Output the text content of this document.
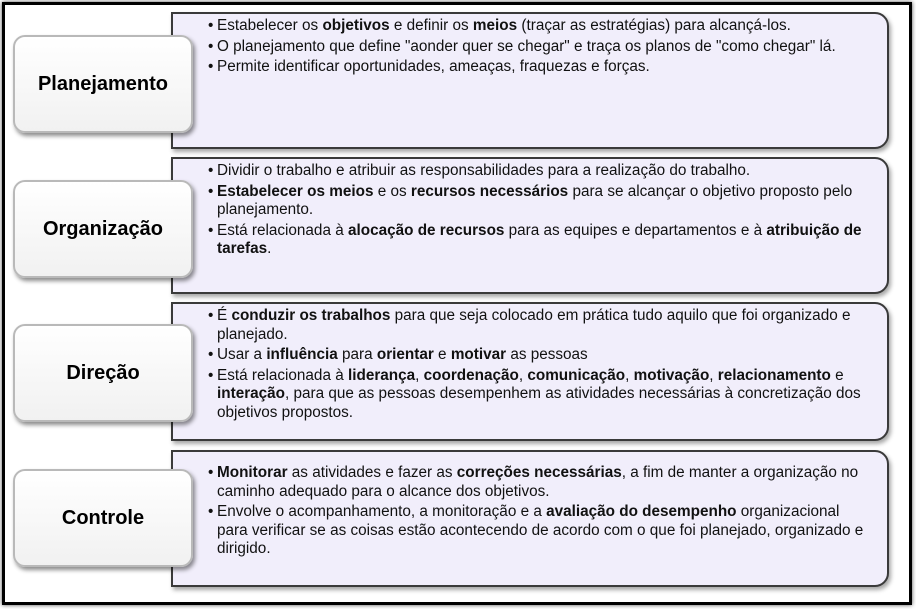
• Estabelecer os objetivos e definir os meios (traçar as estratégias) para alcançá-los.
• O planejamento que define "aonder quer se chegar" e traça os planos de "como chegar" lá.
• Permite identificar oportunidades, ameaças, fraquezas e forças.
Planejamento
• Dividir o trabalho e atribuir as responsabilidades para a realização do trabalho.
• Estabelecer os meios e os recursos necessários para se alcançar o objetivo proposto pelo planejamento.
• Está relacionada à alocação de recursos para as equipes e departamentos e à atribuição de tarefas.
Organização
• É conduzir os trabalhos para que seja colocado em prática tudo aquilo que foi organizado e planejado.
• Usar a influência para orientar e motivar as pessoas
• Está relacionada à liderança, coordenação, comunicação, motivação, relacionamento e interação, para que as pessoas desempenhem as atividades necessárias à concretização dos objetivos propostos.
Direção
• Monitorar as atividades e fazer as correções necessárias, a fim de manter a organização no caminho adequado para o alcance dos objetivos.
• Envolve o acompanhamento, a monitoração e a avaliação do desempenho organizacional para verificar se as coisas estão acontecendo de acordo com o que foi planejado, organizado e dirigido.
Controle
